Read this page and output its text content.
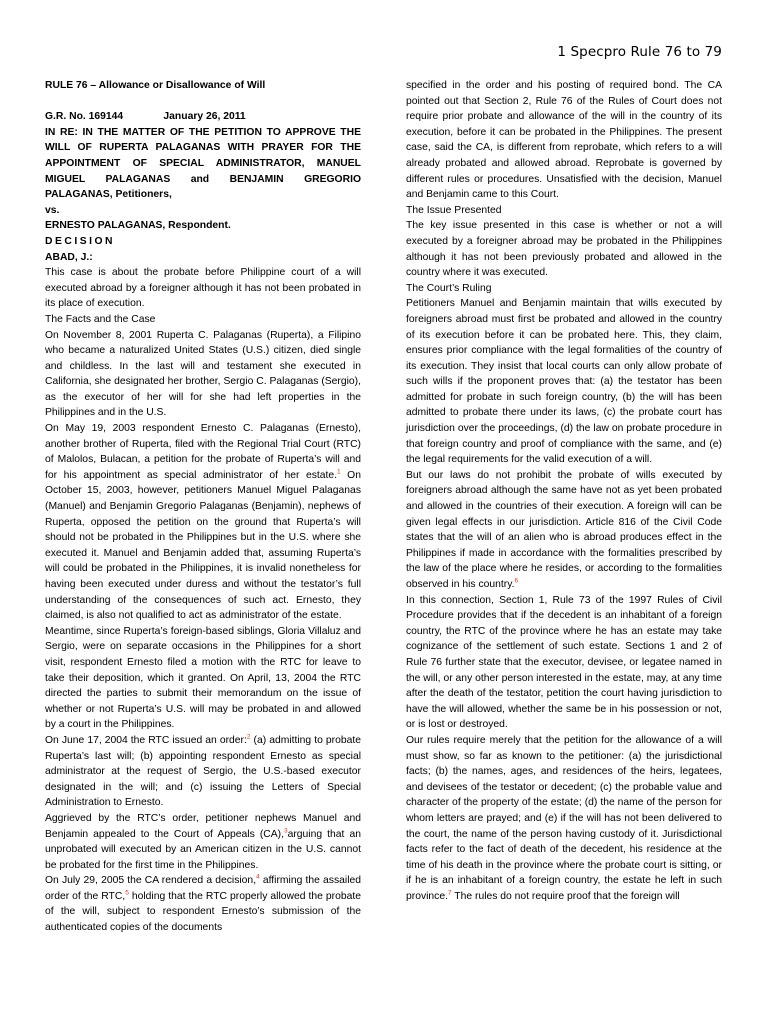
1 Specpro Rule 76 to 79

RULE 76 – Allowance or Disallowance of Will

G.R. No. 169144              January 26, 2011

IN RE: IN THE MATTER OF THE PETITION TO APPROVE THE WILL OF RUPERTA PALAGANAS WITH PRAYER FOR THE APPOINTMENT OF SPECIAL ADMINISTRATOR, MANUEL MIGUEL PALAGANAS and BENJAMIN GREGORIO PALAGANAS, Petitioners,

vs.

ERNESTO PALAGANAS, Respondent.

DECISION

ABAD, J.:

This case is about the probate before Philippine court of a will executed abroad by a foreigner although it has not been probated in its place of execution.

The Facts and the Case

On November 8, 2001 Ruperta C. Palaganas (Ruperta), a Filipino who became a naturalized United States (U.S.) citizen, died single and childless. In the last will and testament she executed in California, she designated her brother, Sergio C. Palaganas (Sergio), as the executor of her will for she had left properties in the Philippines and in the U.S.

On May 19, 2003 respondent Ernesto C. Palaganas (Ernesto), another brother of Ruperta, filed with the Regional Trial Court (RTC) of Malolos, Bulacan, a petition for the probate of Ruperta’s will and for his appointment as special administrator of her estate.$^1$ On October 15, 2003, however, petitioners Manuel Miguel Palaganas (Manuel) and Benjamin Gregorio Palaganas (Benjamin), nephews of Ruperta, opposed the petition on the ground that Ruperta’s will should not be probated in the Philippines but in the U.S. where she executed it. Manuel and Benjamin added that, assuming Ruperta’s will could be probated in the Philippines, it is invalid nonetheless for having been executed under duress and without the testator’s full understanding of the consequences of such act. Ernesto, they claimed, is also not qualified to act as administrator of the estate.

Meantime, since Ruperta’s foreign-based siblings, Gloria Villaluz and Sergio, were on separate occasions in the Philippines for a short visit, respondent Ernesto filed a motion with the RTC for leave to take their deposition, which it granted. On April, 13, 2004 the RTC directed the parties to submit their memorandum on the issue of whether or not Ruperta’s U.S. will may be probated in and allowed by a court in the Philippines.

On June 17, 2004 the RTC issued an order:$^2$ (a) admitting to probate Ruperta’s last will; (b) appointing respondent Ernesto as special administrator at the request of Sergio, the U.S.-based executor designated in the will; and (c) issuing the Letters of Special Administration to Ernesto.

Aggrieved by the RTC’s order, petitioner nephews Manuel and Benjamin appealed to the Court of Appeals (CA),$^3$arguing that an unprobated will executed by an American citizen in the U.S. cannot be probated for the first time in the Philippines.

On July 29, 2005 the CA rendered a decision,$^4$ affirming the assailed order of the RTC,$^5$ holding that the RTC properly allowed the probate of the will, subject to respondent Ernesto’s submission of the authenticated copies of the documents

specified in the order and his posting of required bond. The CA pointed out that Section 2, Rule 76 of the Rules of Court does not require prior probate and allowance of the will in the country of its execution, before it can be probated in the Philippines. The present case, said the CA, is different from reprobate, which refers to a will already probated and allowed abroad. Reprobate is governed by different rules or procedures. Unsatisfied with the decision, Manuel and Benjamin came to this Court.

The Issue Presented

The key issue presented in this case is whether or not a will executed by a foreigner abroad may be probated in the Philippines although it has not been previously probated and allowed in the country where it was executed.

The Court’s Ruling

Petitioners Manuel and Benjamin maintain that wills executed by foreigners abroad must first be probated and allowed in the country of its execution before it can be probated here. This, they claim, ensures prior compliance with the legal formalities of the country of its execution. They insist that local courts can only allow probate of such wills if the proponent proves that: (a) the testator has been admitted for probate in such foreign country, (b) the will has been admitted to probate there under its laws, (c) the probate court has jurisdiction over the proceedings, (d) the law on probate procedure in that foreign country and proof of compliance with the same, and (e) the legal requirements for the valid execution of a will.

But our laws do not prohibit the probate of wills executed by foreigners abroad although the same have not as yet been probated and allowed in the countries of their execution. A foreign will can be given legal effects in our jurisdiction. Article 816 of the Civil Code states that the will of an alien who is abroad produces effect in the Philippines if made in accordance with the formalities prescribed by the law of the place where he resides, or according to the formalities observed in his country.$^6$

In this connection, Section 1, Rule 73 of the 1997 Rules of Civil Procedure provides that if the decedent is an inhabitant of a foreign country, the RTC of the province where he has an estate may take cognizance of the settlement of such estate. Sections 1 and 2 of Rule 76 further state that the executor, devisee, or legatee named in the will, or any other person interested in the estate, may, at any time after the death of the testator, petition the court having jurisdiction to have the will allowed, whether the same be in his possession or not, or is lost or destroyed.

Our rules require merely that the petition for the allowance of a will must show, so far as known to the petitioner: (a) the jurisdictional facts; (b) the names, ages, and residences of the heirs, legatees, and devisees of the testator or decedent; (c) the probable value and character of the property of the estate; (d) the name of the person for whom letters are prayed; and (e) if the will has not been delivered to the court, the name of the person having custody of it. Jurisdictional facts refer to the fact of death of the decedent, his residence at the time of his death in the province where the probate court is sitting, or if he is an inhabitant of a foreign country, the estate he left in such province.$^7$ The rules do not require proof that the foreign will
